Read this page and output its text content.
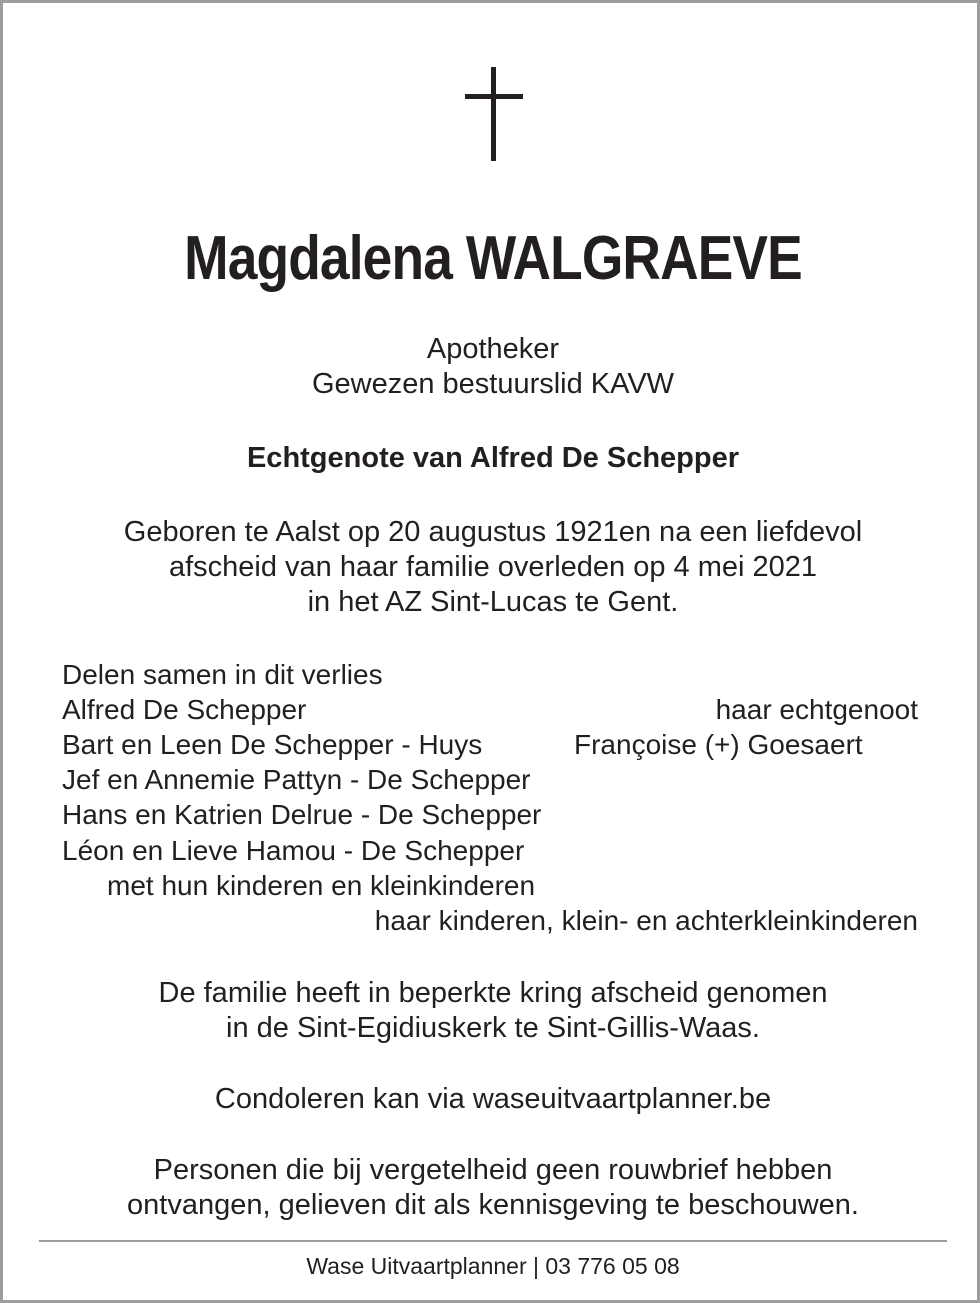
Magdalena WALGRAEVE
Apotheker
Gewezen bestuurslid KAVW
Echtgenote van Alfred De Schepper
Geboren te Aalst op 20 augustus 1921en na een liefdevol
afscheid van haar familie overleden op 4 mei 2021
in het AZ Sint-Lucas te Gent.
Delen samen in dit verlies
Alfred De Schepper	haar echtgenoot
Bart en Leen De Schepper - Huys	Françoise (+) Goesaert
Jef en Annemie Pattyn - De Schepper
Hans en Katrien Delrue - De Schepper
Léon en Lieve Hamou - De Schepper
met hun kinderen en kleinkinderen
haar kinderen, klein- en achterkleinkinderen
De familie heeft in beperkte kring afscheid genomen
in de Sint-Egidiuskerk te Sint-Gillis-Waas.
Condoleren kan via waseuitvaartplanner.be
Personen die bij vergetelheid geen rouwbrief hebben
ontvangen, gelieven dit als kennisgeving te beschouwen.
Wase Uitvaartplanner | 03 776 05 08
